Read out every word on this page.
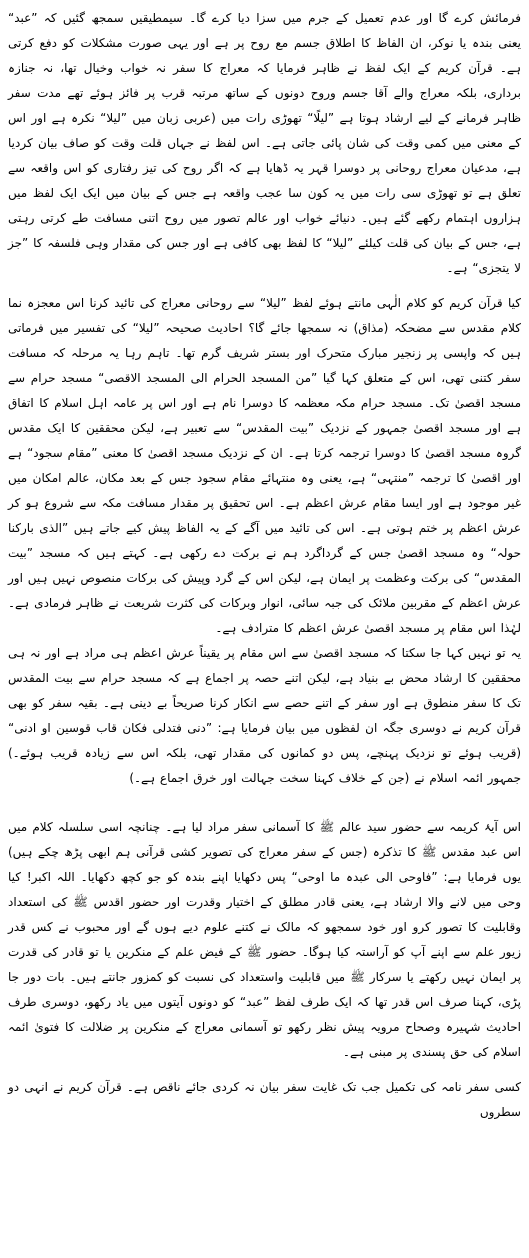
فرمائش کرے گا اور عدم تعمیل کے جرم میں سزا دیا کرے گا۔ سیمطیقیں سمجھ گئیں کہ ”عبد“ یعنی بندہ یا نوکر، ان الفاظ کا اطلاق جسم مع روح پر ہے اور یہی صورت مشکلات کو دفع کرتی ہے۔ قرآن کریم کے ایک لفظ نے ظاہر فرمایا کہ معراج کا سفر نہ خواب وخیال تھا، نہ جنازہ برداری، بلکہ معراج والے آقا جسم وروح دونوں کے ساتھ مرتبہ قرب پر فائز ہوئے تھے مدت سفر ظاہر فرمانے کے لیے ارشاد ہوتا ہے ”لیلًا“ تھوڑی رات میں (عربی زبان میں ”لیلا“ نکرہ ہے اور اس کے معنی میں کمی وقت کی شان پائی جاتی ہے۔ اس لفظ نے جہاں قلت وقت کو صاف بیان کردیا ہے، مدعیان معراج روحانی پر دوسرا قہر یہ ڈھایا ہے کہ اگر روح کی تیز رفتاری کو اس واقعہ سے تعلق ہے تو تھوڑی سی رات میں یہ کون سا عجب واقعہ ہے جس کے بیان میں ایک ایک لفظ میں ہزاروں اہتمام رکھے گئے ہیں۔ دنیائے خواب اور عالم تصور میں روح اتنی مسافت طے کرتی رہتی ہے، جس کے بیان کی قلت کیلئے ”لیلا“ کا لفظ بھی کافی ہے اور جس کی مقدار وہی فلسفہ کا ”جز لا یتجزی“ ہے۔

کیا قرآن کریم کو کلام الٰہی مانتے ہوئے لفظ ”لیلا“ سے روحانی معراج کی تائید کرنا اس معجزہ نما کلام مقدس سے مضحکہ (مذاق) نہ سمجھا جائے گا؟ احادیث صحیحہ ”لیلا“ کی تفسیر میں فرماتی ہیں کہ واپسی پر زنجیر مبارک متحرک اور بستر شریف گرم تھا۔ تاہم رہا یہ مرحلہ کہ مسافت سفر کتنی تھی، اس کے متعلق کہا گیا ”من المسجد الحرام الی المسجد الاقصی“ مسجد حرام سے مسجد اقصیٰ تک۔ مسجد حرام مکہ معظمہ کا دوسرا نام ہے اور اس پر عامہ اہل اسلام کا اتفاق ہے اور مسجد اقصیٰ جمہور کے نزدیک ”بیت المقدس“ سے تعبیر ہے، لیکن محققین کا ایک مقدس گروہ مسجد اقصیٰ کا دوسرا ترجمہ کرتا ہے۔ ان کے نزدیک مسجد اقصیٰ کا معنی ”مقام سجود“ ہے اور اقصیٰ کا ترجمہ ”منتہی“ ہے، یعنی وہ منتہائے مقام سجود جس کے بعد مکان، عالم امکان میں غیر موجود ہے اور ایسا مقام عرش اعظم ہے۔ اس تحقیق پر مقدار مسافت مکہ سے شروع ہو کر عرش اعظم پر ختم ہوتی ہے۔ اس کی تائید میں آگے کے یہ الفاظ پیش کیے جاتے ہیں ”الذی بارکنا حولہ“ وہ مسجد اقصیٰ جس کے گرداگرد ہم نے برکت دے رکھی ہے۔ کہتے ہیں کہ مسجد ”بیت المقدس“ کی برکت وعظمت پر ایمان ہے، لیکن اس کے گرد وپیش کی برکات منصوص نہیں ہیں اور عرش اعظم کے مقربین ملائک کی جبہ سائی، انوار وبرکات کی کثرت شریعت نے ظاہر فرمادی ہے۔ لہٰذا اس مقام پر مسجد اقصیٰ عرش اعظم کا مترادف ہے۔

یہ تو نہیں کہا جا سکتا کہ مسجد اقصیٰ سے اس مقام پر یقیناً عرش اعظم ہی مراد ہے اور نہ ہی محققین کا ارشاد محض بے بنیاد ہے، لیکن اتنے حصہ پر اجماع ہے کہ مسجد حرام سے بیت المقدس تک کا سفر منطوق ہے اور سفر کے اتنے حصے سے انکار کرنا صریحاً بے دینی ہے۔ بقیہ سفر کو بھی قرآن کریم نے دوسری جگہ ان لفظوں میں بیان فرمایا ہے: ”دنی فتدلی فکان قاب قوسین او ادنی“ (قریب ہوئے تو نزدیک پہنچے، پس دو کمانوں کی مقدار تھی، بلکہ اس سے زیادہ قریب ہوئے۔) جمہور ائمہ اسلام نے (جن کے خلاف کہنا سخت جہالت اور خرق اجماع ہے۔)

اس آیۂ کریمہ سے حضور سید عالم ﷺ کا آسمانی سفر مراد لیا ہے۔ چنانچہ اسی سلسلہ کلام میں اس عبد مقدس ﷺ کا تذکرہ (جس کے سفر معراج کی تصویر کشی قرآنی ہم ابھی پڑھ چکے ہیں) یوں فرمایا ہے: ”فاوحی الی عبدہ ما اوحی“ پس دکھایا اپنے بندہ کو جو کچھ دکھایا۔ اللہ اکبر! کیا وحی میں لانے والا ارشاد ہے، یعنی قادر مطلق کے اختیار وقدرت اور حضور اقدس ﷺ کی استعداد وقابلیت کا تصور کرو اور خود سمجھو کہ مالک نے کتنے علوم دیے ہوں گے اور محبوب نے کس قدر زیور علم سے اپنے آپ کو آراستہ کیا ہوگا۔ حضور ﷺ کے فیض علم کے منکرین یا تو قادر کی قدرت پر ایمان نہیں رکھتے یا سرکار ﷺ میں قابلیت واستعداد کی نسبت کو کمزور جانتے ہیں۔ بات دور جا پڑی، کہنا صرف اس قدر تھا کہ ایک طرف لفظ ”عبد“ کو دونوں آیتوں میں یاد رکھو، دوسری طرف احادیث شہیرہ وصحاح مرویہ پیش نظر رکھو تو آسمانی معراج کے منکرین پر ضلالت کا فتویٰ ائمہ اسلام کی حق پسندی پر مبنی ہے۔

کسی سفر نامہ کی تکمیل جب تک غایت سفر بیان نہ کردی جائے ناقص ہے۔ قرآن کریم نے انہی دو سطروں
